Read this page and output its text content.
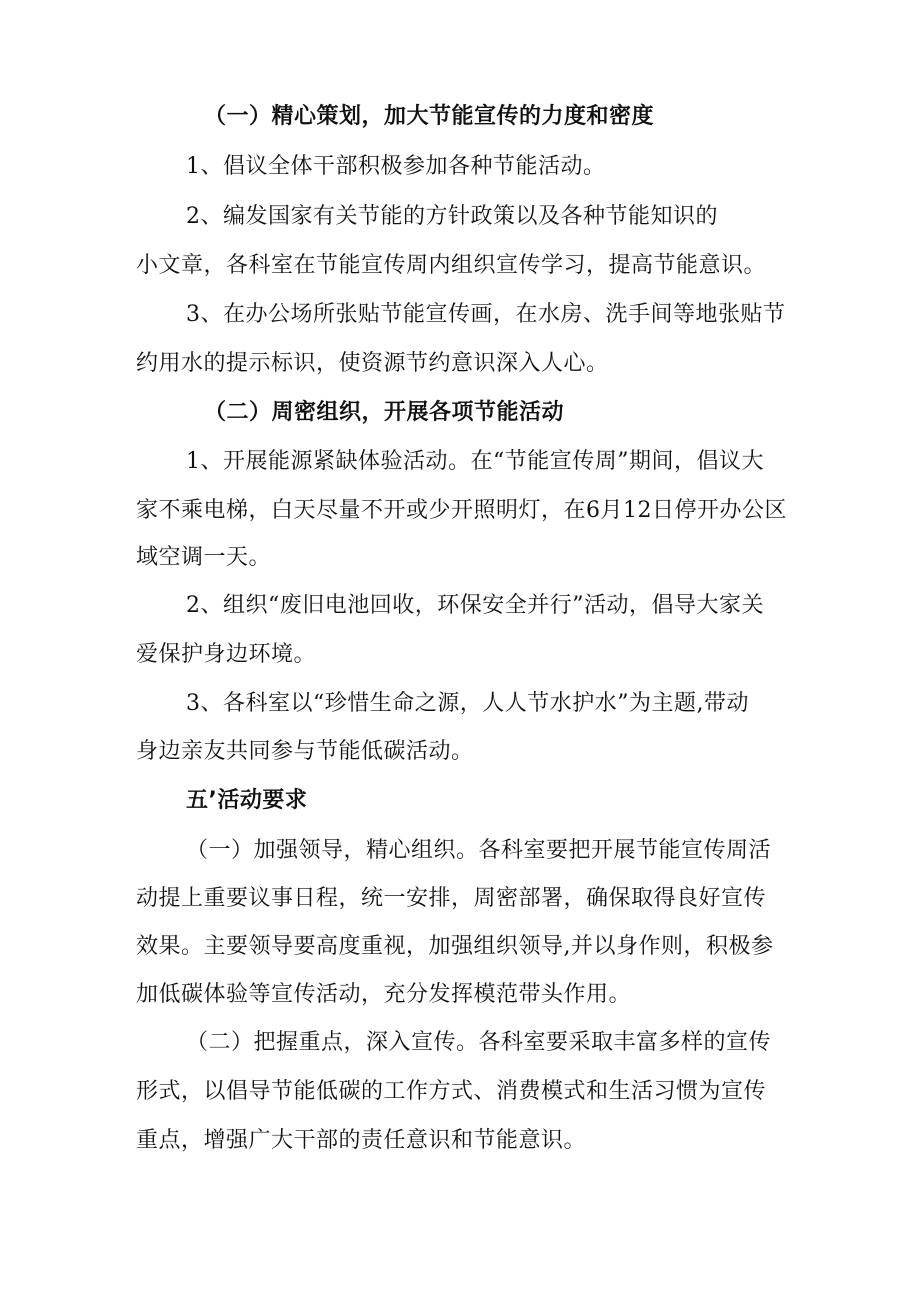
（一）精心策划，加大节能宣传的力度和密度
1、倡议全体干部积极参加各种节能活动。
2、编发国家有关节能的方针政策以及各种节能知识的
小文章，各科室在节能宣传周内组织宣传学习，提高节能意识。
3、在办公场所张贴节能宣传画，在水房、洗手间等地张贴节
约用水的提示标识，使资源节约意识深入人心。
（二）周密组织，开展各项节能活动
1、开展能源紧缺体验活动。在“节能宣传周”期间，倡议大
家不乘电梯，白天尽量不开或少开照明灯，在6月12日停开办公区
域空调一天。
2、组织“废旧电池回收，环保安全并行”活动，倡导大家关
爱保护身边环境。
3、各科室以“珍惜生命之源，人人节水护水”为主题,带动
身边亲友共同参与节能低碳活动。
五’活动要求
（一）加强领导，精心组织。各科室要把开展节能宣传周活
动提上重要议事日程，统一安排，周密部署，确保取得良好宣传
效果。主要领导要高度重视，加强组织领导,并以身作则，积极参
加低碳体验等宣传活动，充分发挥模范带头作用。
（二）把握重点，深入宣传。各科室要采取丰富多样的宣传
形式，以倡导节能低碳的工作方式、消费模式和生活习惯为宣传
重点，增强广大干部的责任意识和节能意识。
